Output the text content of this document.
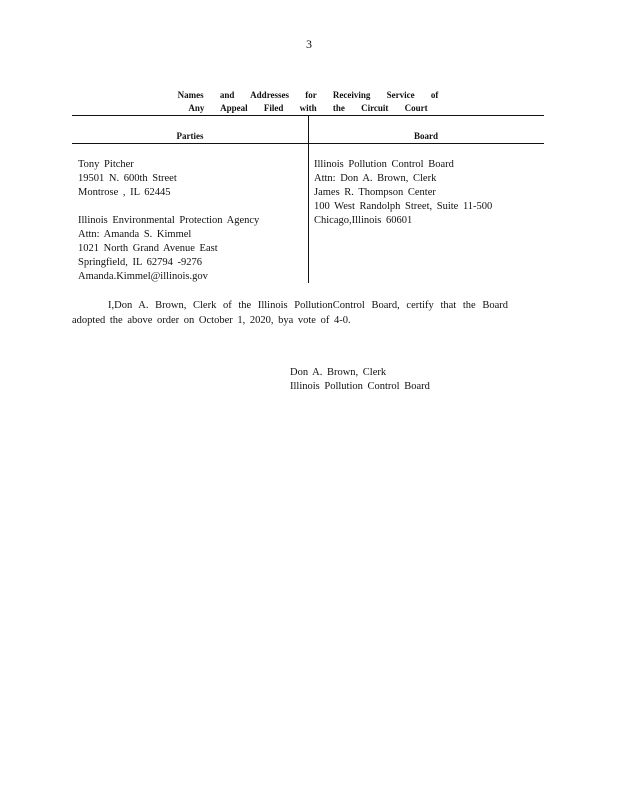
3
Names and Addresses for Receiving Service of
Any Appeal Filed with the Circuit Court
Parties	Board
Tony Pitcher
19501 N. 600th Street
Montrose , IL 62445
Illinois Environmental Protection Agency
Attn: Amanda S. Kimmel
1021 North Grand Avenue East
Springfield, IL 62794 -9276
Amanda.Kimmel@illinois.gov
Illinois Pollution Control Board
Attn: Don A. Brown, Clerk
James R. Thompson Center
100 West Randolph Street, Suite 11-500
Chicago,Illinois 60601
I,Don A. Brown, Clerk of the Illinois PollutionControl Board, certify that the Board adopted the above order on October 1, 2020, bya vote of 4-0.
Don A. Brown, Clerk
Illinois Pollution Control Board
